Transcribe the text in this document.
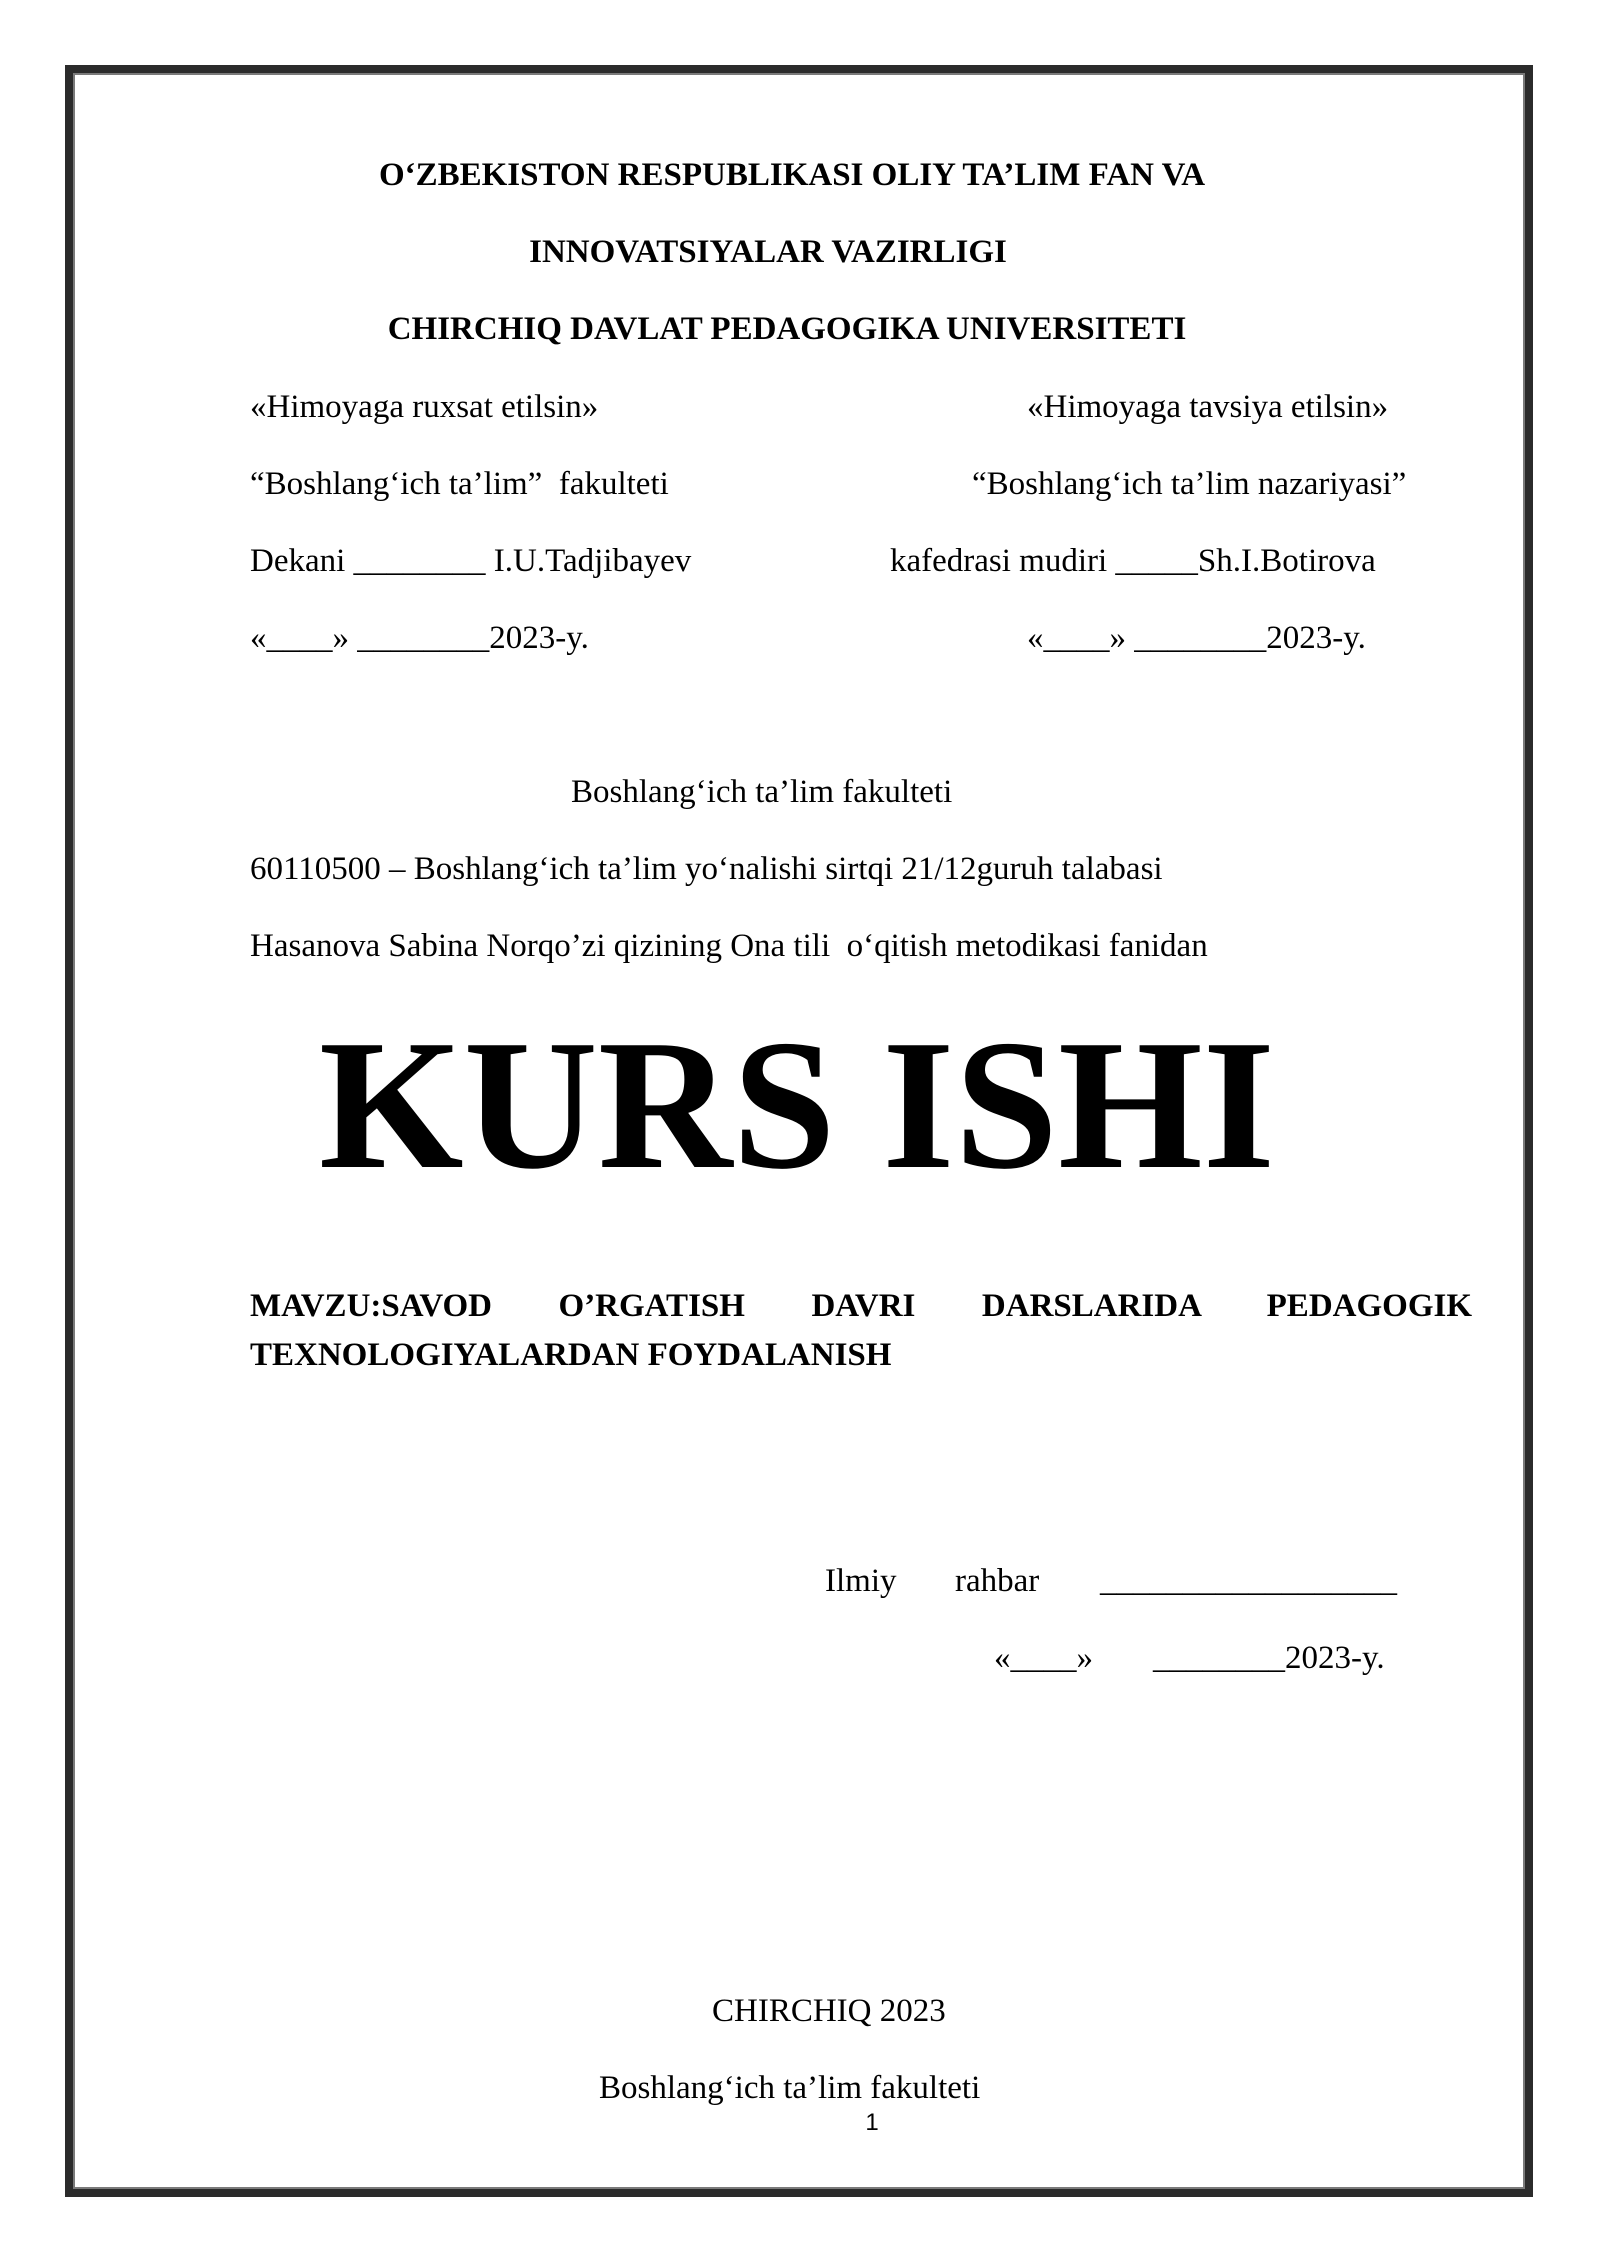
O‘ZBEKISTON RESPUBLIKASI OLIY TA’LIM FAN VA
INNOVATSIYALAR VAZIRLIGI
CHIRCHIQ DAVLAT PEDAGOGIKA UNIVERSITETI
«Himoyaga ruxsat etilsin»
“Boshlang‘ich ta’lim”  fakulteti
Dekani ________ I.U.Tadjibayev
«____» ________2023-y.
«Himoyaga tavsiya etilsin»
“Boshlang‘ich ta’lim nazariyasi”
kafedrasi mudiri _____Sh.I.Botirova
«____» ________2023-y.
Boshlang‘ich ta’lim fakulteti
60110500 – Boshlang‘ich ta’lim yo‘nalishi sirtqi 21/12guruh talabasi
Hasanova Sabina Norqo’zi qizining Ona tili  o‘qitish metodikasi fanidan
KURS ISHI
MAVZU:SAVOD O’RGATISH DAVRI DARSLARIDA PEDAGOGIK TEXNOLOGIYALARDAN FOYDALANISH
Ilmiy rahbar __________________
«____» ________2023-y.
CHIRCHIQ 2023
Boshlang‘ich ta’lim fakulteti
1
